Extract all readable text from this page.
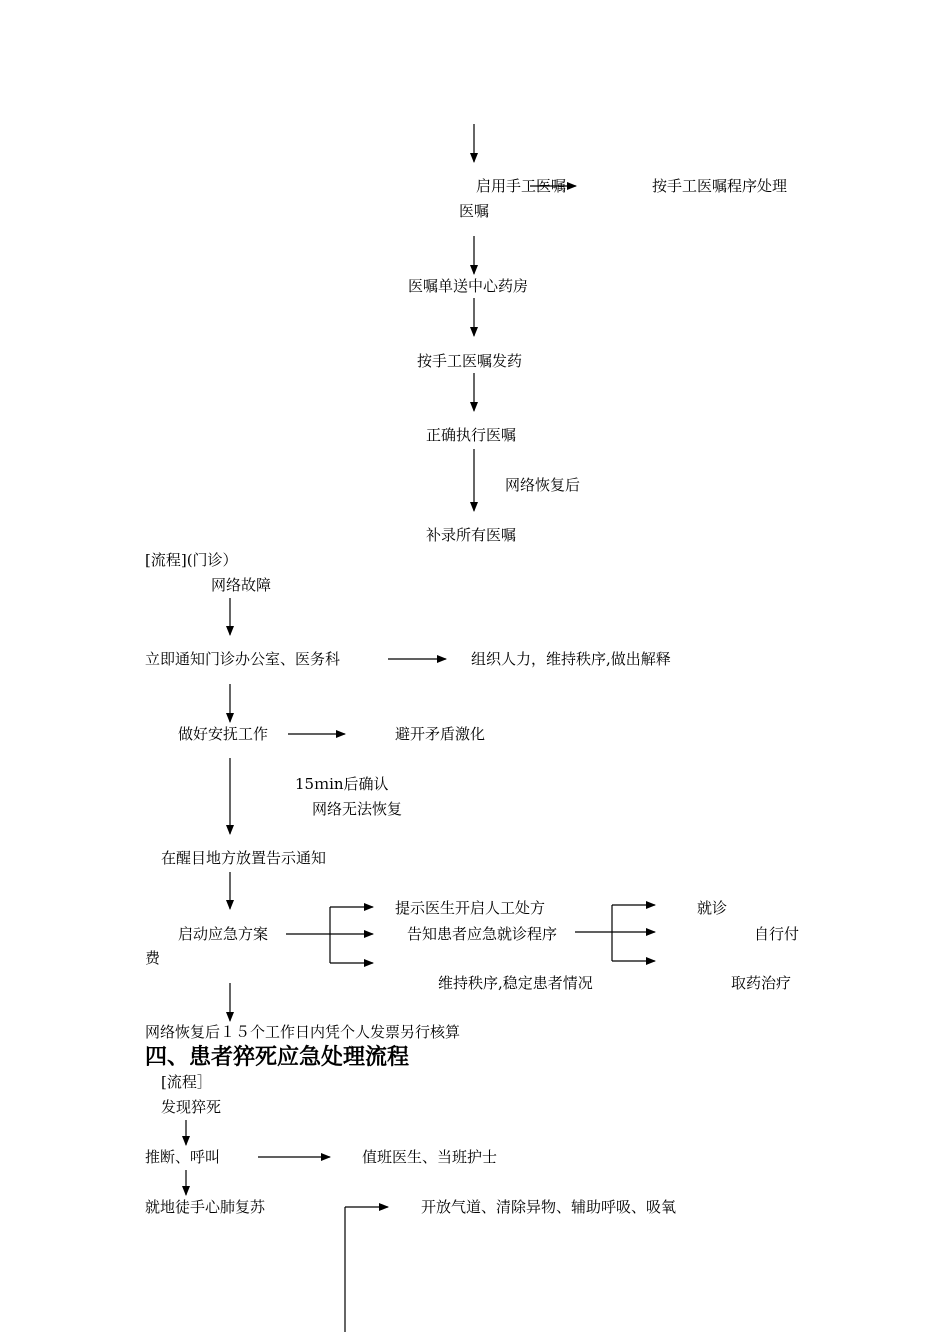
启用手工医嘱	按手工医嘱程序处理
医嘱
医嘱单送中心药房
按手工医嘱发药
正确执行医嘱
网络恢复后
补录所有医嘱
[流程](门诊）
网络故障
立即通知门诊办公室、医务科	组织人力，维持秩序,做出解释
做好安抚工作	避开矛盾激化
15ｍin后确认
网络无法恢复
在醒目地方放置告示通知
提示医生开启人工处方	就诊
启动应急方案	告知患者应急就诊程序	自行付
费
维持秩序,稳定患者情况	取药治疗
网络恢复后１５个工作日内凭个人发票另行核算
四、患者猝死应急处理流程
[流程］
发现猝死
推断、呼叫	值班医生、当班护士
就地徒手心肺复苏	开放气道、清除异物、辅助呼吸、吸氧
